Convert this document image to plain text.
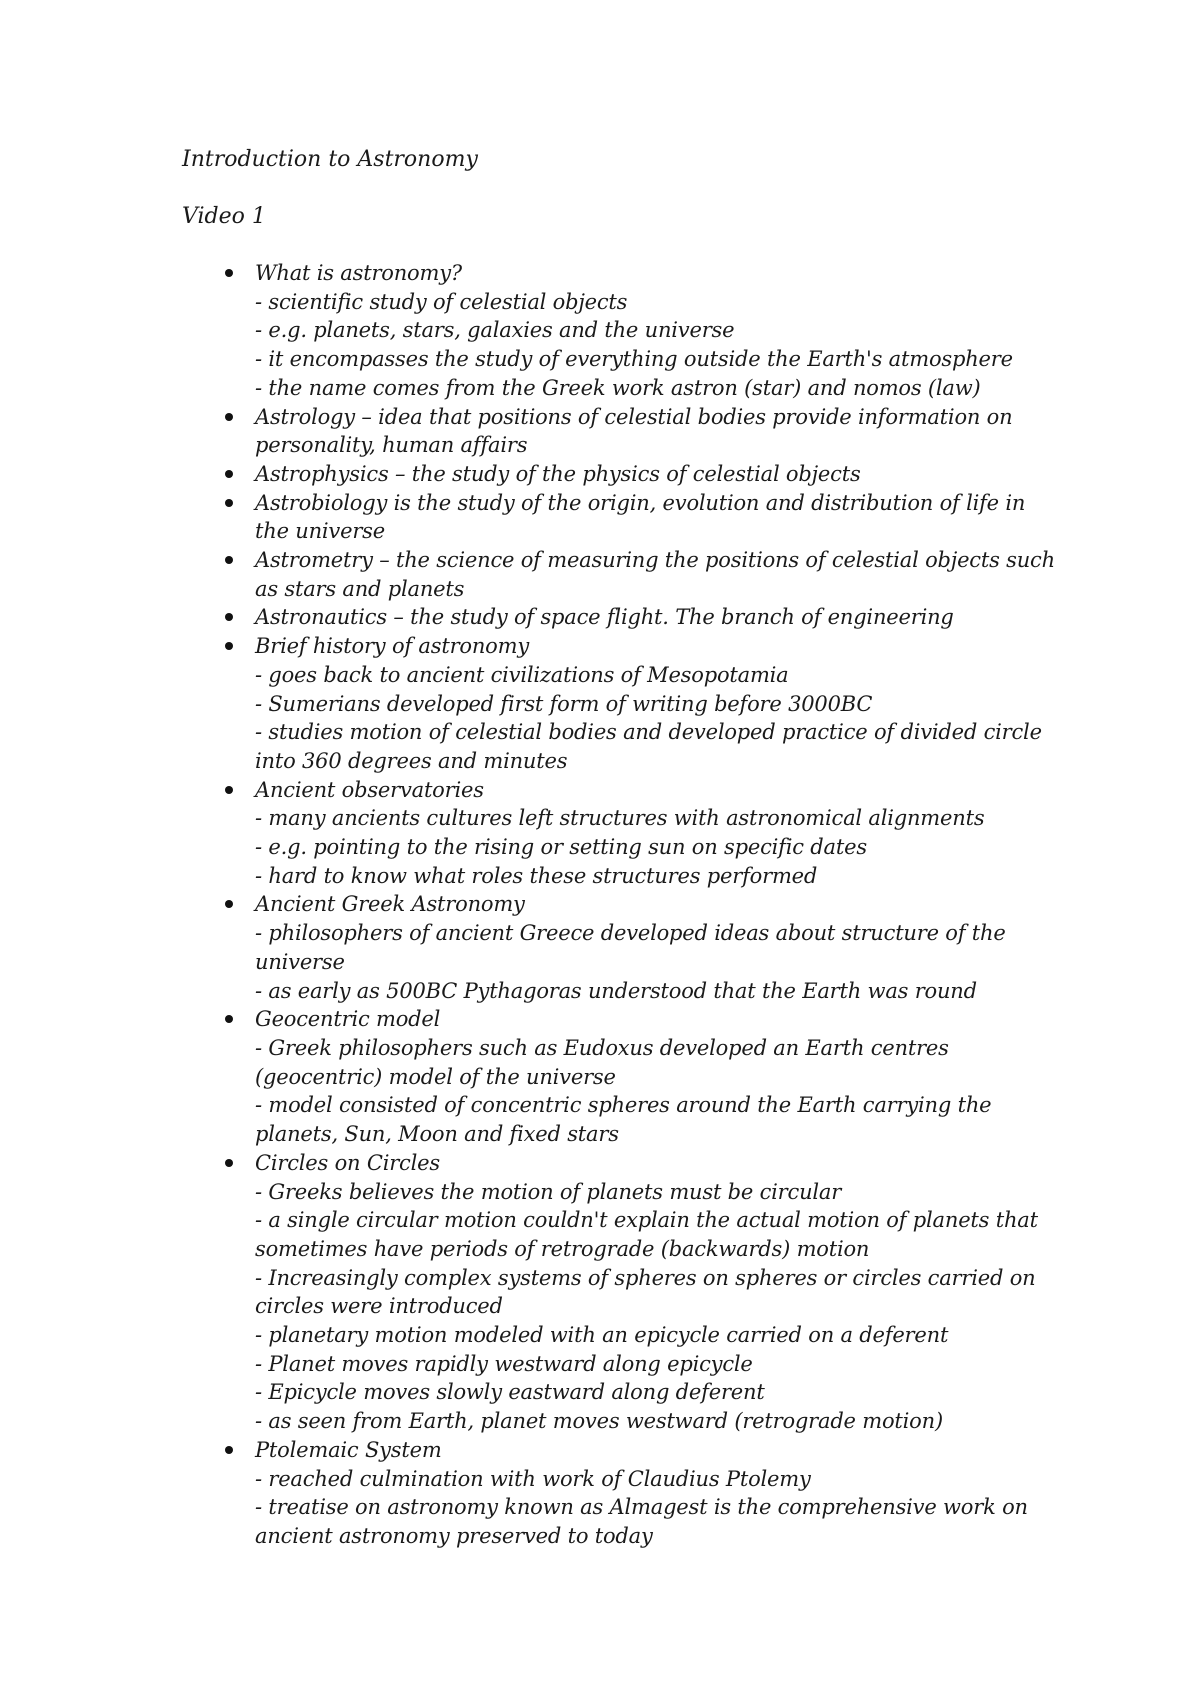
Introduction to Astronomy
Video 1
What is astronomy?
- scientific study of celestial objects
- e.g. planets, stars, galaxies and the universe
- it encompasses the study of everything outside the Earth's atmosphere
- the name comes from the Greek work astron (star) and nomos (law)
Astrology – idea that positions of celestial bodies provide information on
personality, human affairs
Astrophysics – the study of the physics of celestial objects
Astrobiology is the study of the origin, evolution and distribution of life in
the universe
Astrometry – the science of measuring the positions of celestial objects such
as stars and planets
Astronautics – the study of space flight. The branch of engineering
Brief history of astronomy
- goes back to ancient civilizations of Mesopotamia
- Sumerians developed first form of writing before 3000BC
- studies motion of celestial bodies and developed practice of divided circle
into 360 degrees and minutes
Ancient observatories
- many ancients cultures left structures with astronomical alignments
- e.g. pointing to the rising or setting sun on specific dates
- hard to know what roles these structures performed
Ancient Greek Astronomy
- philosophers of ancient Greece developed ideas about structure of the
universe
- as early as 500BC Pythagoras understood that the Earth was round
Geocentric model
- Greek philosophers such as Eudoxus developed an Earth centres
(geocentric) model of the universe
- model consisted of concentric spheres around the Earth carrying the
planets, Sun, Moon and fixed stars
Circles on Circles
- Greeks believes the motion of planets must be circular
- a single circular motion couldn't explain the actual motion of planets that
sometimes have periods of retrograde (backwards) motion
- Increasingly complex systems of spheres on spheres or circles carried on
circles were introduced
- planetary motion modeled with an epicycle carried on a deferent
- Planet moves rapidly westward along epicycle
- Epicycle moves slowly eastward along deferent
- as seen from Earth, planet moves westward (retrograde motion)
Ptolemaic System
- reached culmination with work of Claudius Ptolemy
- treatise on astronomy known as Almagest is the comprehensive work on
ancient astronomy preserved to today
